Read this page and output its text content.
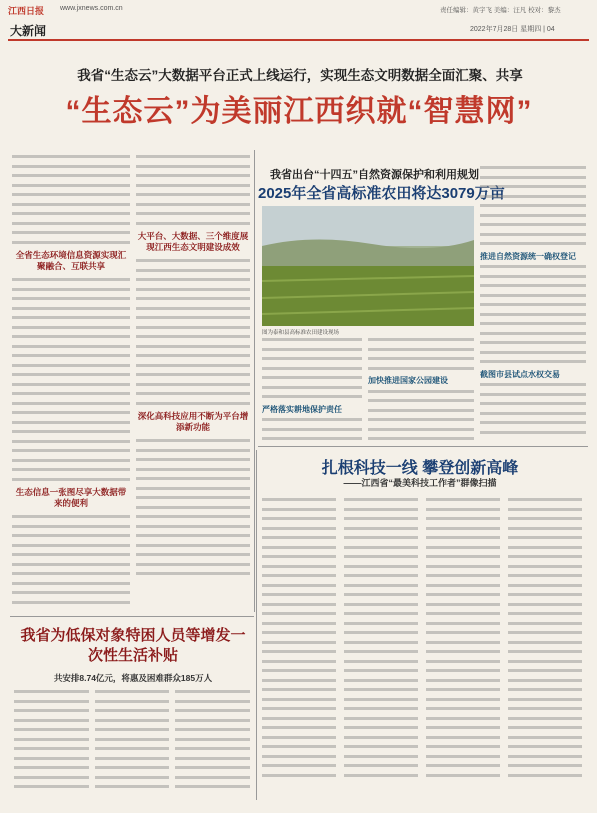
江西日报 www.jxnews.com.cn	责任编辑：黄宇飞 美编：汪凡 校对：黎杰
大新闻	2022年7月28日 星期四 | 04
我省“生态云”大数据平台正式上线运行，实现生态文明数据全面汇聚、共享
“生态云”为美丽江西织就“智慧网”
全省生态环境信息资源实现汇聚融合、互联共享
生态信息一张图尽享大数据带来的便利
大平台、大数据、三个维度展现江西生态文明建设成效
深化高科技应用不断为平台增添新功能
我省出台“十四五”自然资源保护和利用规划
2025年全省高标准农田将达3079万亩
图为泰和县高标准农田建设现场
严格落实耕地保护责任
加快推进国家公园建设
推进自然资源统一确权登记
截图市县试点水权交易
扎根科技一线 攀登创新高峰
——江西省“最美科技工作者”群像扫描
我省为低保对象特困人员等增发一次性生活补贴
共安排8.74亿元，将惠及困难群众185万人
